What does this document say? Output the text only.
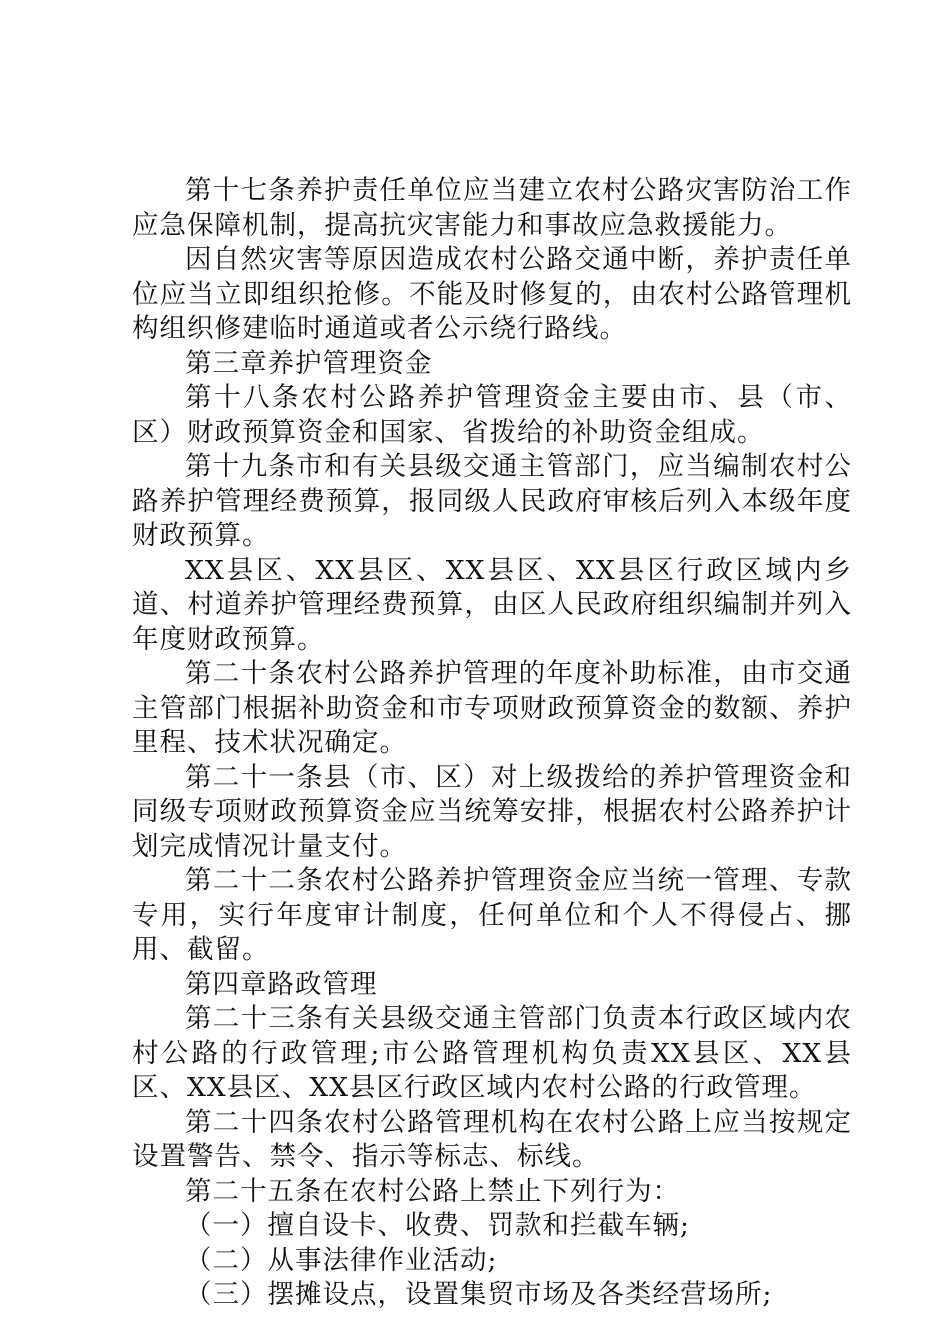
第十七条养护责任单位应当建立农村公路灾害防治工作应急保障机制，提高抗灾害能力和事故应急救援能力。

因自然灾害等原因造成农村公路交通中断，养护责任单位应当立即组织抢修。不能及时修复的，由农村公路管理机构组织修建临时通道或者公示绕行路线。

第三章养护管理资金

第十八条农村公路养护管理资金主要由市、县（市、区）财政预算资金和国家、省拨给的补助资金组成。

第十九条市和有关县级交通主管部门，应当编制农村公路养护管理经费预算，报同级人民政府审核后列入本级年度财政预算。

XX县区、XX县区、XX县区、XX县区行政区域内乡道、村道养护管理经费预算，由区人民政府组织编制并列入年度财政预算。

第二十条农村公路养护管理的年度补助标准，由市交通主管部门根据补助资金和市专项财政预算资金的数额、养护里程、技术状况确定。

第二十一条县（市、区）对上级拨给的养护管理资金和同级专项财政预算资金应当统筹安排，根据农村公路养护计划完成情况计量支付。

第二十二条农村公路养护管理资金应当统一管理、专款专用，实行年度审计制度，任何单位和个人不得侵占、挪用、截留。

第四章路政管理

第二十三条有关县级交通主管部门负责本行政区域内农村公路的行政管理;市公路管理机构负责XX县区、XX县区、XX县区、XX县区行政区域内农村公路的行政管理。

第二十四条农村公路管理机构在农村公路上应当按规定设置警告、禁令、指示等标志、标线。

第二十五条在农村公路上禁止下列行为：

（一）擅自设卡、收费、罚款和拦截车辆;

（二）从事法律作业活动;

（三）摆摊设点，设置集贸市场及各类经营场所;
